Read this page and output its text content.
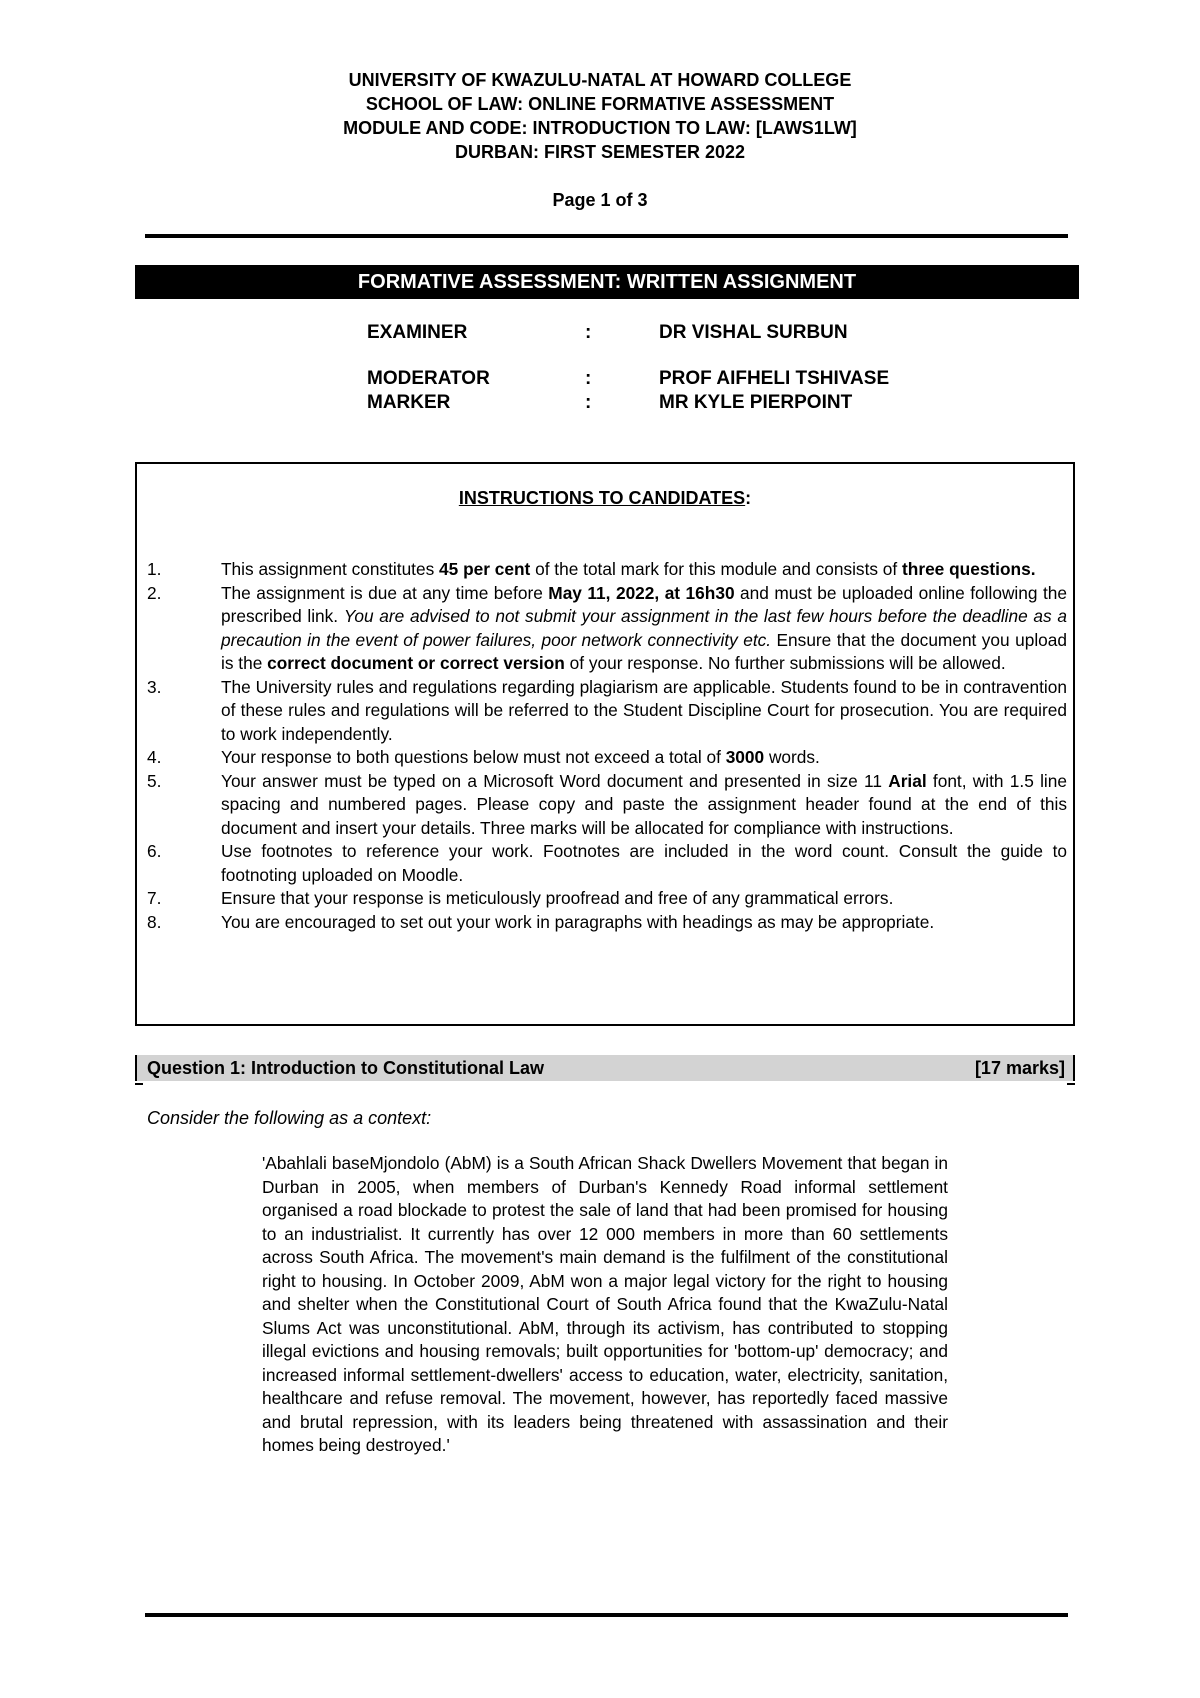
UNIVERSITY OF KWAZULU-NATAL AT HOWARD COLLEGE
SCHOOL OF LAW: ONLINE FORMATIVE ASSESSMENT
MODULE AND CODE: INTRODUCTION TO LAW: [LAWS1LW]
DURBAN: FIRST SEMESTER 2022
Page 1 of 3
FORMATIVE ASSESSMENT: WRITTEN ASSIGNMENT
EXAMINER	:	DR VISHAL SURBUN
MODERATOR	:	PROF AIFHELI TSHIVASE
MARKER	:	MR KYLE PIERPOINT
INSTRUCTIONS TO CANDIDATES:
1.	This assignment constitutes 45 per cent of the total mark for this module and consists of three questions.
2.	The assignment is due at any time before May 11, 2022, at 16h30 and must be uploaded online following the prescribed link. You are advised to not submit your assignment in the last few hours before the deadline as a precaution in the event of power failures, poor network connectivity etc. Ensure that the document you upload is the correct document or correct version of your response. No further submissions will be allowed.
3.	The University rules and regulations regarding plagiarism are applicable. Students found to be in contravention of these rules and regulations will be referred to the Student Discipline Court for prosecution. You are required to work independently.
4.	Your response to both questions below must not exceed a total of 3000 words.
5.	Your answer must be typed on a Microsoft Word document and presented in size 11 Arial font, with 1.5 line spacing and numbered pages. Please copy and paste the assignment header found at the end of this document and insert your details. Three marks will be allocated for compliance with instructions.
6.	Use footnotes to reference your work. Footnotes are included in the word count. Consult the guide to footnoting uploaded on Moodle.
7.	Ensure that your response is meticulously proofread and free of any grammatical errors.
8.	You are encouraged to set out your work in paragraphs with headings as may be appropriate.
Question 1: Introduction to Constitutional Law	[17 marks]
Consider the following as a context:
'Abahlali baseMjondolo (AbM) is a South African Shack Dwellers Movement that began in Durban in 2005, when members of Durban's Kennedy Road informal settlement organised a road blockade to protest the sale of land that had been promised for housing to an industrialist. It currently has over 12 000 members in more than 60 settlements across South Africa. The movement's main demand is the fulfilment of the constitutional right to housing. In October 2009, AbM won a major legal victory for the right to housing and shelter when the Constitutional Court of South Africa found that the KwaZulu-Natal Slums Act was unconstitutional. AbM, through its activism, has contributed to stopping illegal evictions and housing removals; built opportunities for 'bottom-up' democracy; and increased informal settlement-dwellers' access to education, water, electricity, sanitation, healthcare and refuse removal. The movement, however, has reportedly faced massive and brutal repression, with its leaders being threatened with assassination and their homes being destroyed.'
